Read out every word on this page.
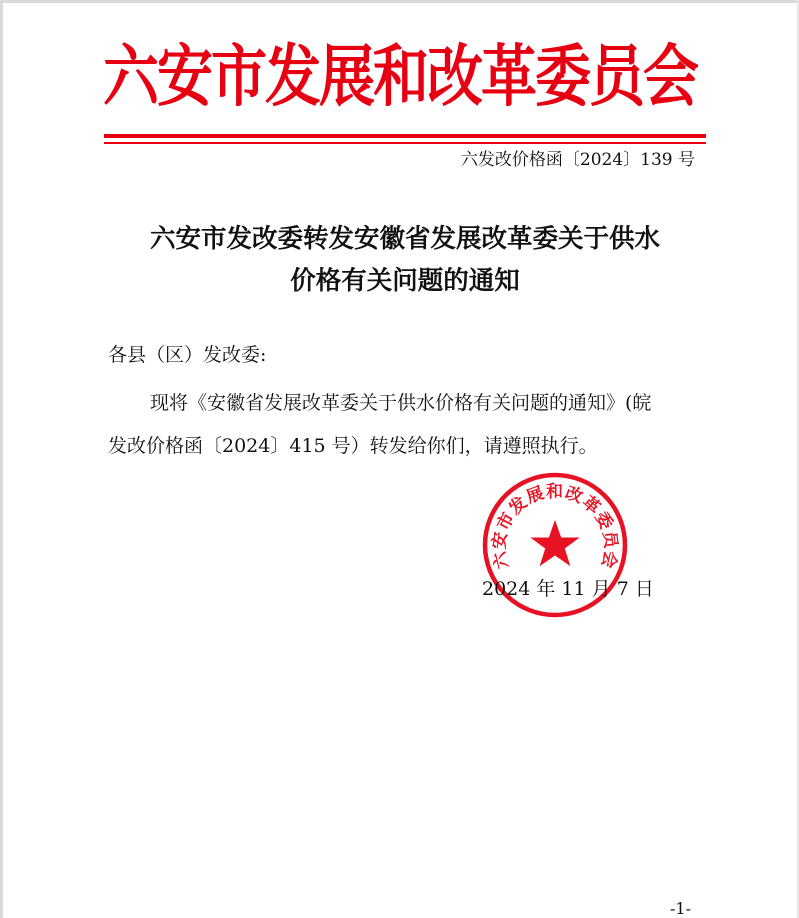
六安市发展和改革委员会
六发改价格函〔2024〕139 号
六安市发改委转发安徽省发展改革委关于供水
价格有关问题的通知
各县（区）发改委:
现将《安徽省发展改革委关于供水价格有关问题的通知》(皖
发改价格函〔2024〕415 号）转发给你们，请遵照执行。
六安市发展和改革委员会
2024 年 11 月 7 日
-1-
